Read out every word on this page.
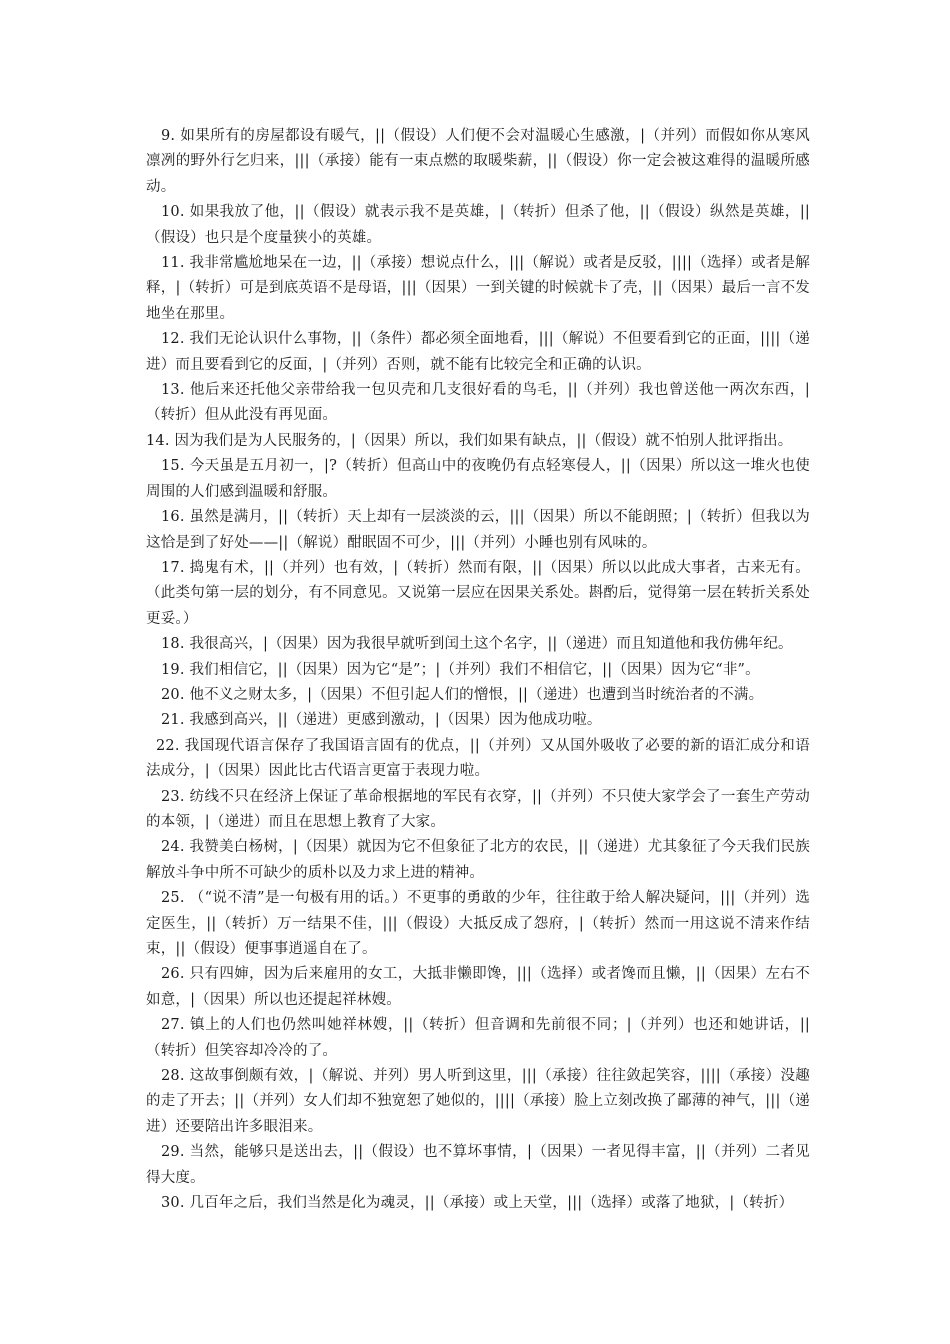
9. 如果所有的房屋都设有暖气，||（假设）人们便不会对温暖心生感激，|（并列）而假如你从寒风凛冽的野外行乞归来，|||（承接）能有一束点燃的取暖柴薪，||（假设）你一定会被这难得的温暖所感动。

10. 如果我放了他，||（假设）就表示我不是英雄，|（转折）但杀了他，||（假设）纵然是英雄，||（假设）也只是个度量狭小的英雄。

11. 我非常尴尬地呆在一边，||（承接）想说点什么，|||（解说）或者是反驳，||||（选择）或者是解释，|（转折）可是到底英语不是母语，|||（因果）一到关键的时候就卡了壳，||（因果）最后一言不发地坐在那里。

12. 我们无论认识什么事物，||（条件）都必须全面地看，|||（解说）不但要看到它的正面，||||（递进）而且要看到它的反面，|（并列）否则，就不能有比较完全和正确的认识。

13. 他后来还托他父亲带给我一包贝壳和几支很好看的鸟毛，||（并列）我也曾送他一两次东西，|（转折）但从此没有再见面。

14. 因为我们是为人民服务的，|（因果）所以，我们如果有缺点，||（假设）就不怕别人批评指出。

15. 今天虽是五月初一，|?（转折）但高山中的夜晚仍有点轻寒侵人，||（因果）所以这一堆火也使周围的人们感到温暖和舒服。

16. 虽然是满月，||（转折）天上却有一层淡淡的云，|||（因果）所以不能朗照；|（转折）但我以为这恰是到了好处——||（解说）酣眠固不可少，|||（并列）小睡也别有风味的。

17. 捣鬼有术，||（并列）也有效，|（转折）然而有限，||（因果）所以以此成大事者，古来无有。（此类句第一层的划分，有不同意见。又说第一层应在因果关系处。斟酌后，觉得第一层在转折关系处更妥。）

18. 我很高兴，|（因果）因为我很早就听到闰土这个名字，||（递进）而且知道他和我仿佛年纪。

19. 我们相信它，||（因果）因为它“是”；|（并列）我们不相信它，||（因果）因为它“非”。

20. 他不义之财太多，|（因果）不但引起人们的憎恨，||（递进）也遭到当时统治者的不满。

21. 我感到高兴，||（递进）更感到激动，|（因果）因为他成功啦。

22. 我国现代语言保存了我国语言固有的优点，||（并列）又从国外吸收了必要的新的语汇成分和语法成分，|（因果）因此比古代语言更富于表现力啦。

23. 纺线不只在经济上保证了革命根据地的军民有衣穿，||（并列）不只使大家学会了一套生产劳动的本领，|（递进）而且在思想上教育了大家。

24. 我赞美白杨树，|（因果）就因为它不但象征了北方的农民，||（递进）尤其象征了今天我们民族解放斗争中所不可缺少的质朴以及力求上进的精神。

25. （“说不清”是一句极有用的话。）不更事的勇敢的少年，往往敢于给人解决疑问，|||（并列）选定医生，||（转折）万一结果不佳，|||（假设）大抵反成了怨府，|（转折）然而一用这说不清来作结束，||（假设）便事事逍遥自在了。

26. 只有四婶，因为后来雇用的女工，大抵非懒即馋，|||（选择）或者馋而且懒，||（因果）左右不如意，|（因果）所以也还提起祥林嫂。

27. 镇上的人们也仍然叫她祥林嫂，||（转折）但音调和先前很不同；|（并列）也还和她讲话，||（转折）但笑容却冷冷的了。

28. 这故事倒颇有效，|（解说、并列）男人听到这里，|||（承接）往往敛起笑容，||||（承接）没趣的走了开去；||（并列）女人们却不独宽恕了她似的，||||（承接）脸上立刻改换了鄙薄的神气，|||（递进）还要陪出许多眼泪来。

29. 当然，能够只是送出去，||（假设）也不算坏事情，|（因果）一者见得丰富，||（并列）二者见得大度。

30. 几百年之后，我们当然是化为魂灵，||（承接）或上天堂，|||（选择）或落了地狱，|（转折）
